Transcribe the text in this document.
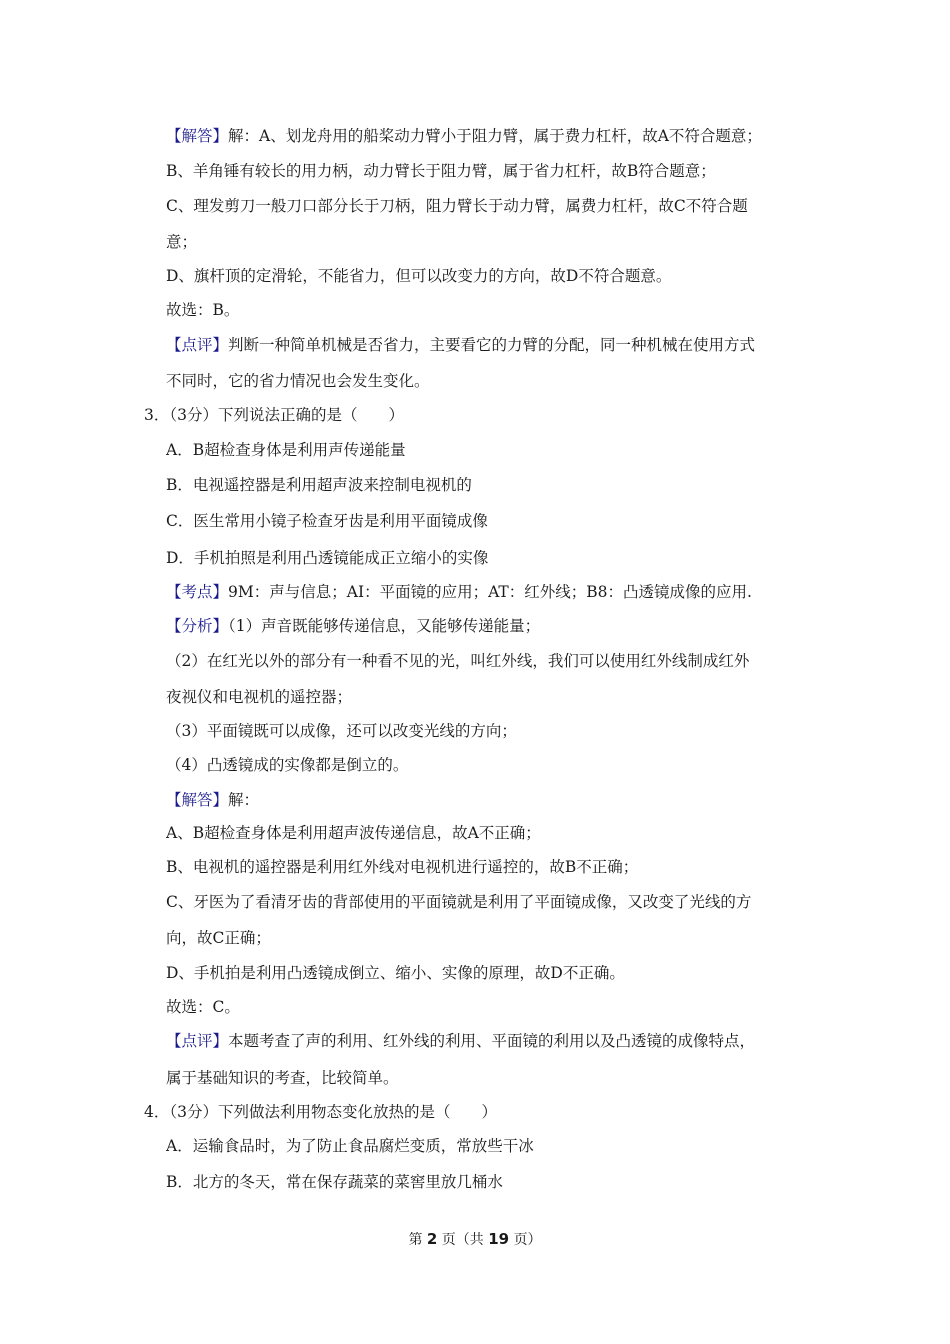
【解答】解：A、划龙舟用的船桨动力臂小于阻力臂，属于费力杠杆，故A不符合题意；
B、羊角锤有较长的用力柄，动力臂长于阻力臂，属于省力杠杆，故B符合题意；
C、理发剪刀一般刀口部分长于刀柄，阻力臂长于动力臂，属费力杠杆，故C不符合题
意；
D、旗杆顶的定滑轮，不能省力，但可以改变力的方向，故D不符合题意。
故选：B。
【点评】判断一种简单机械是否省力，主要看它的力臂的分配，同一种机械在使用方式
不同时，它的省力情况也会发生变化。
3．（3分）下列说法正确的是（　　）
A．B超检查身体是利用声传递能量
B．电视遥控器是利用超声波来控制电视机的
C．医生常用小镜子检查牙齿是利用平面镜成像
D．手机拍照是利用凸透镜能成正立缩小的实像
【考点】9M：声与信息；AI：平面镜的应用；AT：红外线；B8：凸透镜成像的应用.
【分析】（1）声音既能够传递信息，又能够传递能量；
（2）在红光以外的部分有一种看不见的光，叫红外线，我们可以使用红外线制成红外
夜视仪和电视机的遥控器；
（3）平面镜既可以成像，还可以改变光线的方向；
（4）凸透镜成的实像都是倒立的。
【解答】解：
A、B超检查身体是利用超声波传递信息，故A不正确；
B、电视机的遥控器是利用红外线对电视机进行遥控的，故B不正确；
C、牙医为了看清牙齿的背部使用的平面镜就是利用了平面镜成像，又改变了光线的方
向，故C正确；
D、手机拍是利用凸透镜成倒立、缩小、实像的原理，故D不正确。
故选：C。
【点评】本题考查了声的利用、红外线的利用、平面镜的利用以及凸透镜的成像特点，
属于基础知识的考查，比较简单。
4．（3分）下列做法利用物态变化放热的是（　　）
A．运输食品时，为了防止食品腐烂变质，常放些干冰
B．北方的冬天，常在保存蔬菜的菜窖里放几桶水
第 2 页（共 19 页）
